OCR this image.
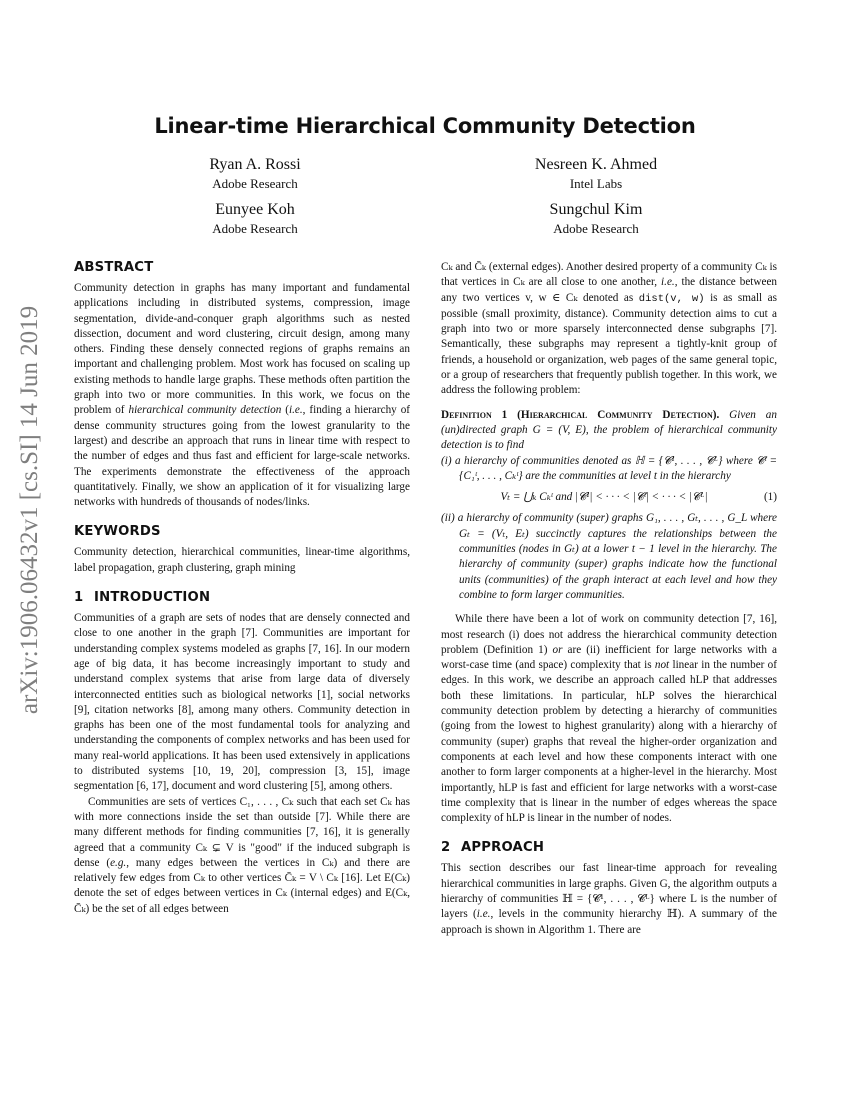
arXiv:1906.06432v1 [cs.SI] 14 Jun 2019
Linear-time Hierarchical Community Detection
Ryan A. Rossi
Adobe Research
Nesreen K. Ahmed
Intel Labs
Eunyee Koh
Adobe Research
Sungchul Kim
Adobe Research
ABSTRACT

Community detection in graphs has many important and fundamental applications including in distributed systems, compression, image segmentation, divide-and-conquer graph algorithms such as nested dissection, document and word clustering, circuit design, among many others. Finding these densely connected regions of graphs remains an important and challenging problem. Most work has focused on scaling up existing methods to handle large graphs. These methods often partition the graph into two or more communities. In this work, we focus on the problem of hierarchical community detection (i.e., finding a hierarchy of dense community structures going from the lowest granularity to the largest) and describe an approach that runs in linear time with respect to the number of edges and thus fast and efficient for large-scale networks. The experiments demonstrate the effectiveness of the approach quantitatively. Finally, we show an application of it for visualizing large networks with hundreds of thousands of nodes/links.

KEYWORDS

Community detection, hierarchical communities, linear-time algorithms, label propagation, graph clustering, graph mining

1 INTRODUCTION

Communities of a graph are sets of nodes that are densely connected and close to one another in the graph [7]. Communities are important for understanding complex systems modeled as graphs [7, 16]. In our modern age of big data, it has become increasingly important to study and understand complex systems that arise from large data of diversely interconnected entities such as biological networks [1], social networks [9], citation networks [8], among many others. Community detection in graphs has been one of the most fundamental tools for analyzing and understanding the components of complex networks and has been used for many real-world applications. It has been used extensively in applications to distributed systems [10, 19, 20], compression [3, 15], image segmentation [6, 17], document and word clustering [5], among others.

Communities are sets of vertices C₁, . . . , Cₖ such that each set Cₖ has with more connections inside the set than outside [7]. While there are many different methods for finding communities [7, 16], it is generally agreed that a community Cₖ ⊊ V is "good" if the induced subgraph is dense (e.g., many edges between the vertices in Cₖ) and there are relatively few edges from Cₖ to other vertices C̄ₖ = V \ Cₖ [16]. Let E(Cₖ) denote the set of edges between vertices in Cₖ (internal edges) and E(Cₖ, C̄ₖ) be the set of all edges between

Cₖ and C̄ₖ (external edges). Another desired property of a community Cₖ is that vertices in Cₖ are all close to one another, i.e., the distance between any two vertices v, w ∈ Cₖ denoted as dist(v, w) is as small as possible (small proximity, distance). Community detection aims to cut a graph into two or more sparsely interconnected dense subgraphs [7]. Semantically, these subgraphs may represent a tightly-knit group of friends, a household or organization, web pages of the same general topic, or a group of researchers that frequently publish together. In this work, we address the following problem:

Definition 1 (Hierarchical Community Detection). Given an (un)directed graph G = (V, E), the problem of hierarchical community detection is to find

(i) a hierarchy of communities denoted as ℍ = {𝓒¹, . . . , 𝓒ᴸ} where 𝓒ᵗ = {C₁ᵗ, . . . , Cₖᵗ} are the communities at level t in the hierarchy

Vₜ = ⋃ₖ Cₖᵗ and |𝓒¹| < · · · < |𝓒ᵗ| < · · · < |𝓒ᴸ|	(1)

(ii) a hierarchy of community (super) graphs G₁, . . . , Gₜ, . . . , G_L where Gₜ = (Vₜ, Eₜ) succinctly captures the relationships between the communities (nodes in Gₜ) at a lower t − 1 level in the hierarchy. The hierarchy of community (super) graphs indicate how the functional units (communities) of the graph interact at each level and how they combine to form larger communities.

While there have been a lot of work on community detection [7, 16], most research (i) does not address the hierarchical community detection problem (Definition 1) or are (ii) inefficient for large networks with a worst-case time (and space) complexity that is not linear in the number of edges. In this work, we describe an approach called hLP that addresses both these limitations. In particular, hLP solves the hierarchical community detection problem by detecting a hierarchy of communities (going from the lowest to highest granularity) along with a hierarchy of community (super) graphs that reveal the higher-order organization and components at each level and how these components interact with one another to form larger components at a higher-level in the hierarchy. Most importantly, hLP is fast and efficient for large networks with a worst-case time complexity that is linear in the number of edges whereas the space complexity of hLP is linear in the number of nodes.

2 APPROACH

This section describes our fast linear-time approach for revealing hierarchical communities in large graphs. Given G, the algorithm outputs a hierarchy of communities ℍ = {𝓒¹, . . . , 𝓒ᴸ} where L is the number of layers (i.e., levels in the community hierarchy ℍ). A summary of the approach is shown in Algorithm 1. There are
